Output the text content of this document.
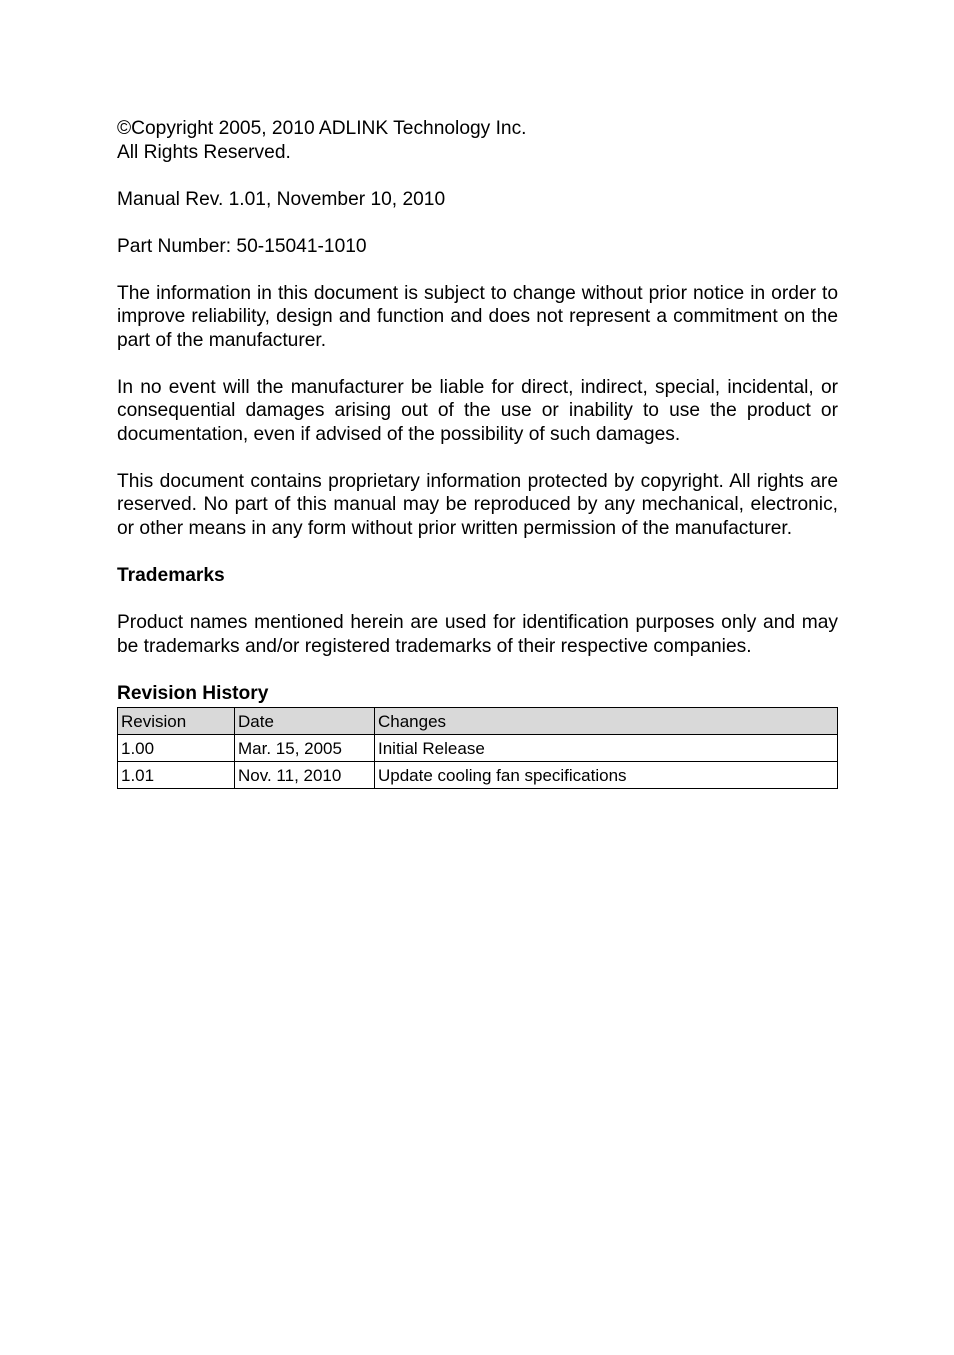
©Copyright 2005, 2010 ADLINK Technology Inc.
All Rights Reserved.
Manual Rev. 1.01, November 10, 2010
Part Number: 50-15041-1010
The information in this document is subject to change without prior notice in order to improve reliability, design and function and does not represent a commitment on the part of the manufacturer.
In no event will the manufacturer be liable for direct, indirect, special, incidental, or consequential damages arising out of the use or inability to use the product or documentation, even if advised of the possibility of such damages.
This document contains proprietary information protected by copyright. All rights are reserved. No part of this manual may be reproduced by any mechanical, electronic, or other means in any form without prior written permission of the manufacturer.
Trademarks
Product names mentioned herein are used for identification purposes only and may be trademarks and/or registered trademarks of their respective companies.
Revision History
Revision	Date	Changes
1.00	Mar. 15, 2005	Initial Release
1.01	Nov. 11, 2010	Update cooling fan specifications
